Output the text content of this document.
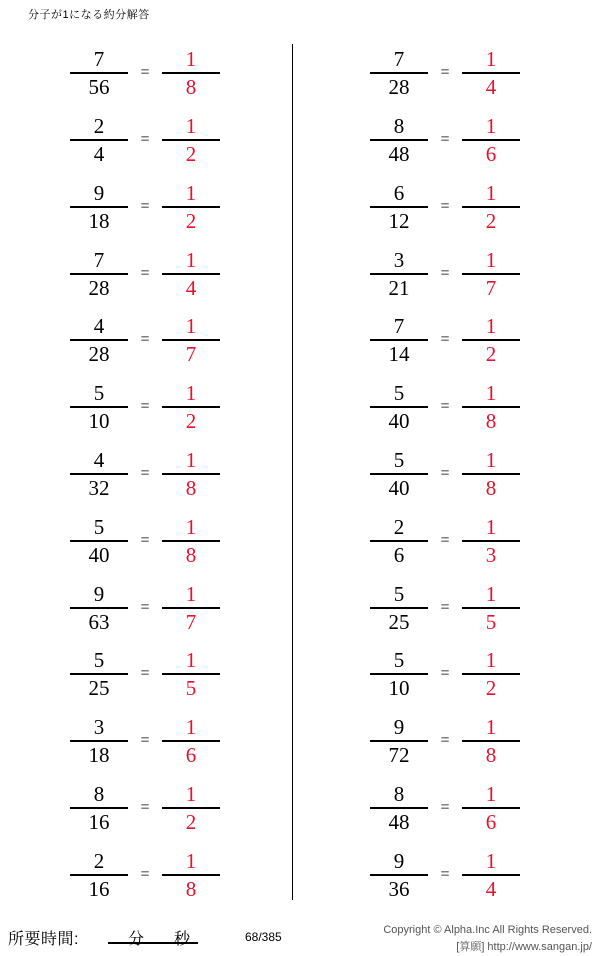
分子が1になる約分解答
$\frac{7}{56} = \frac{1}{8}$
$\frac{2}{4} = \frac{1}{2}$
$\frac{9}{18} = \frac{1}{2}$
$\frac{7}{28} = \frac{1}{4}$
$\frac{4}{28} = \frac{1}{7}$
$\frac{5}{10} = \frac{1}{2}$
$\frac{4}{32} = \frac{1}{8}$
$\frac{5}{40} = \frac{1}{8}$
$\frac{9}{63} = \frac{1}{7}$
$\frac{5}{25} = \frac{1}{5}$
$\frac{3}{18} = \frac{1}{6}$
$\frac{8}{16} = \frac{1}{2}$
$\frac{2}{16} = \frac{1}{8}$
$\frac{7}{28} = \frac{1}{4}$
$\frac{8}{48} = \frac{1}{6}$
$\frac{6}{12} = \frac{1}{2}$
$\frac{3}{21} = \frac{1}{7}$
$\frac{7}{14} = \frac{1}{2}$
$\frac{5}{40} = \frac{1}{8}$
$\frac{5}{40} = \frac{1}{8}$
$\frac{2}{6} = \frac{1}{3}$
$\frac{5}{25} = \frac{1}{5}$
$\frac{5}{10} = \frac{1}{2}$
$\frac{9}{72} = \frac{1}{8}$
$\frac{8}{48} = \frac{1}{6}$
$\frac{9}{36} = \frac{1}{4}$
所要時間:	分 秒	68/385	Copyright © Alpha.Inc All Rights Reserved.
[算願] http://www.sangan.jp/
